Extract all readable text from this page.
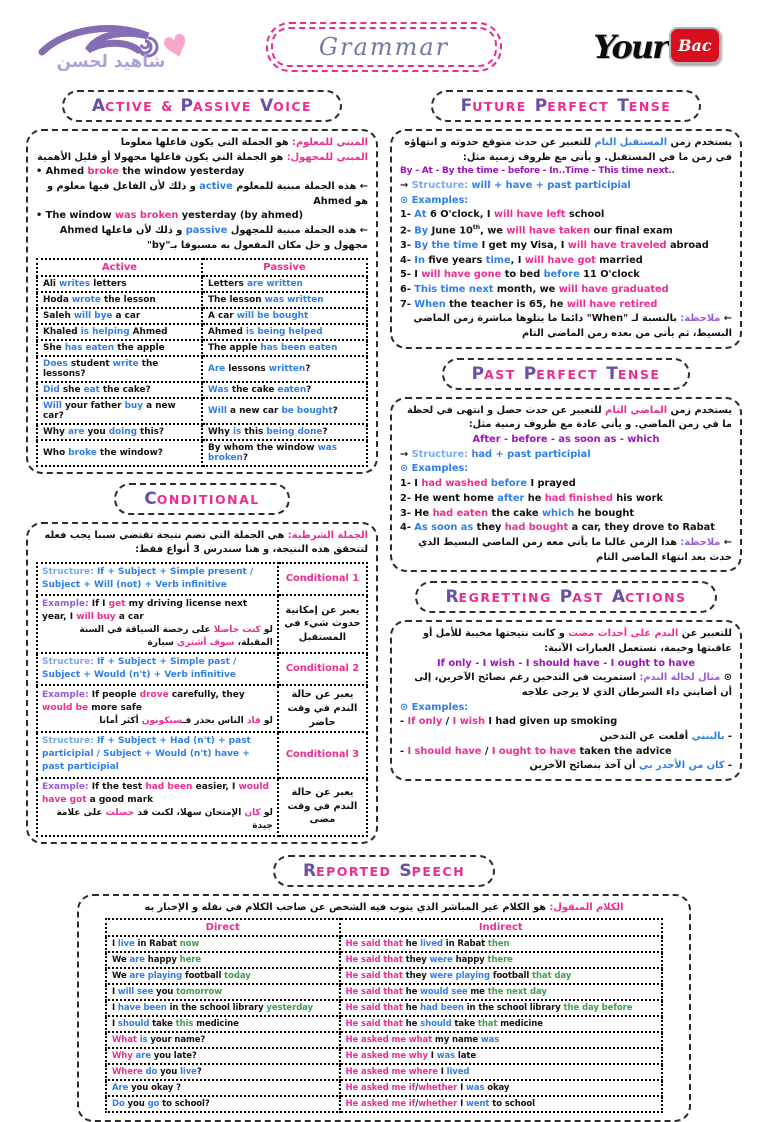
♥
شاهيد لحسن
Grammar	Your Bac
ACTIVE & PASSIVE VOICE
المبني للمعلوم: هو الجملة التي يكون فاعلها معلوما
المبني للمجهول: هو الجملة التي يكون فاعلها مجهولا أو قليل الأهمية
• Ahmed broke the window yesterday
← هذه الجملة مبنية للمعلوم active و ذلك لأن الفاعل فيها معلوم و هو Ahmed
• The window was broken yesterday (by ahmed)
← هذه الجملة مبنية للمجهول passive و ذلك لأن فاعلها Ahmed مجهول و حل مكان المفعول به مسبوقا بـ"by"
Active	Passive
Ali writes letters	Letters are written
Hoda wrote the lesson	The lesson was written
Saleh will bye a car	A car will be bought
Khaled is helping Ahmed	Ahmed is being helped
She has eaten the apple	The apple has been eaten
Does student write the lessons?	Are lessons written?
Did she eat the cake?	Was the cake eaten?
Will your father buy a new car?	Will a new car be bought?
Why are you doing this?	Why is this being done?
Who broke the window?	By whom the window was broken?
CONDITIONAL
الجملة الشرطية: هي الجملة التي تضم نتيجة تقتضي سببا يجب فعله لتتحقق هذه النتيجة، و هنا سندرس 3 أنواع فقط:
Structure: If + Subject + Simple present / Subject + Will (not) + Verb infinitive	Conditional 1

Example: If I get my driving license next year, I will buy a car
لو كنت حاصلا على رخصة السياقة في السنة المقبلة، سوف أشتري سيارة	يعبر عن إمكانية حدوث شيء في المستقبل

Structure: If + Subject + Simple past / Subject + Would (n't) + Verb infinitive	Conditional 2

Example: If people drove carefully, they would be more safe
لو قاد الناس بحذر فـسيكونون أكثر أمانا	يعبر عن حالة الندم في وقت حاضر

Structure: If + Subject + Had (n't) + past participial / Subject + Would (n't) have + past participial	Conditional 3

Example: If the test had been easier, I would have got a good mark
لو كان الإمتحان سهلا، لكنت قد حصلت على علامة جيدة	يعبر عن حالة الندم في وقت مضى
FUTURE PERFECT TENSE
يستخدم زمن المستقبل التام للتعبير عن حدث متوقع حدوثه و انتهاؤه في زمن ما في المستقبل. و يأتي مع ظروف زمنية مثل:
By - At - By the time - before - In..Time - This time next..
→ Structure: will + have + past participial
⊙ Examples:
1- At 6 O'clock, I will have left school
2- By June 10th, we will have taken our final exam
3- By the time I get my Visa, I will have traveled abroad
4- In five years time, I will have got married
5- I will have gone to bed before 11 O'clock
6- This time next month, we will have graduated
7- When the teacher is 65, he will have retired
← ملاحظة: بالنسبة لـ "When" دائما ما يتلوها مباشرة زمن الماضي البسيط، ثم يأتي من بعده زمن الماضي التام
PAST PERFECT TENSE
يستخدم زمن الماضي التام للتعبير عن حدث حصل و انتهى في لحظة ما في زمن الماضي. و يأتي عادة مع ظروف زمنية مثل:
After - before - as soon as - which
→ Structure: had + past participial
⊙ Examples:
1- I had washed before I prayed
2- He went home after he had finished his work
3- He had eaten the cake which he bought
4- As soon as they had bought a car, they drove to Rabat
← ملاحظة: هذا الزمن غالبا ما يأتي معه زمن الماضي البسيط الذي حدث بعد انتهاء الماضي التام
REGRETTING PAST ACTIONS
للتعبير عن الندم على أحداث مضت و كانت نتيجتها مخيبة للأمل أو عاقبتها وخيمة، نستعمل العبارات الآتية:
If only - I wish - I should have - I ought to have
⊙ مثال لحالة الندم: استمريت في التدخين رغم نصائح الآخرين، إلى أن أصابني داء السرطان الذي لا يرجى علاجه
⊙ Examples:
- If only / I wish I had given up smoking
- باليتني أقلعت عن التدخين
- I should have / I ought to have taken the advice
- كان من الأجدر بي أن آخذ بنصائح الآخرين
REPORTED SPEECH
الكلام المنقول: هو الكلام غير المباشر الذي ينوب فيه الشخص عن صاحب الكلام في نقله و الإخبار به
Direct	Indirect
I live in Rabat now	He said that he lived in Rabat then
We are happy here	He said that they were happy there
We are playing football today	He said that they were playing football that day
I will see you tomorrow	He said that he would see me the next day
I have been in the school library yesterday	He said that he had been in the school library the day before
I should take this medicine	He said that he should take that medicine
What is your name?	He asked me what my name was
Why are you late?	He asked me why I was late
Where do you live?	He asked me where I lived
Are you okay ?	He asked me if/whether I was okay
Do you go to school?	He asked me if/whether I went to school
